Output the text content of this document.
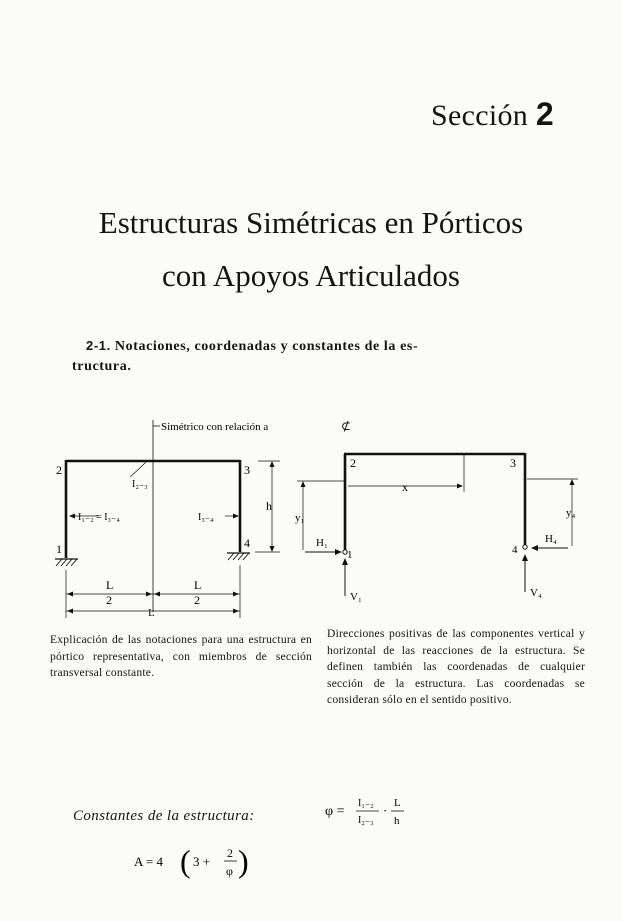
Sección 2
Estructuras Simétricas en Pórticos
con Apoyos Articulados
2-1. Notaciones, coordenadas y constantes de la es-
tructura.
Simétrico con relación a	⊄
2	3
1	4
I₂₋₃
I₁₋₂ = I₃₋₄	I₃₋₄
h
L
2
L
2
L
2	3
1	4
x
y₁	y₄
H₁	H₄
V₁	V₄
φ =
I₁₋₂
I₂₋₃
· L
h
A = 4 ( 3 +
2
φ )
Explicación de las notaciones para una estructura en pórtico representativa, con miembros de sección transversal constante.
Direcciones positivas de las componentes vertical y horizontal de las reacciones de la estructura. Se definen también las coordenadas de cualquier sección de la estructura. Las coordenadas se consideran sólo en el sentido positivo.
Constantes de la estructura:
